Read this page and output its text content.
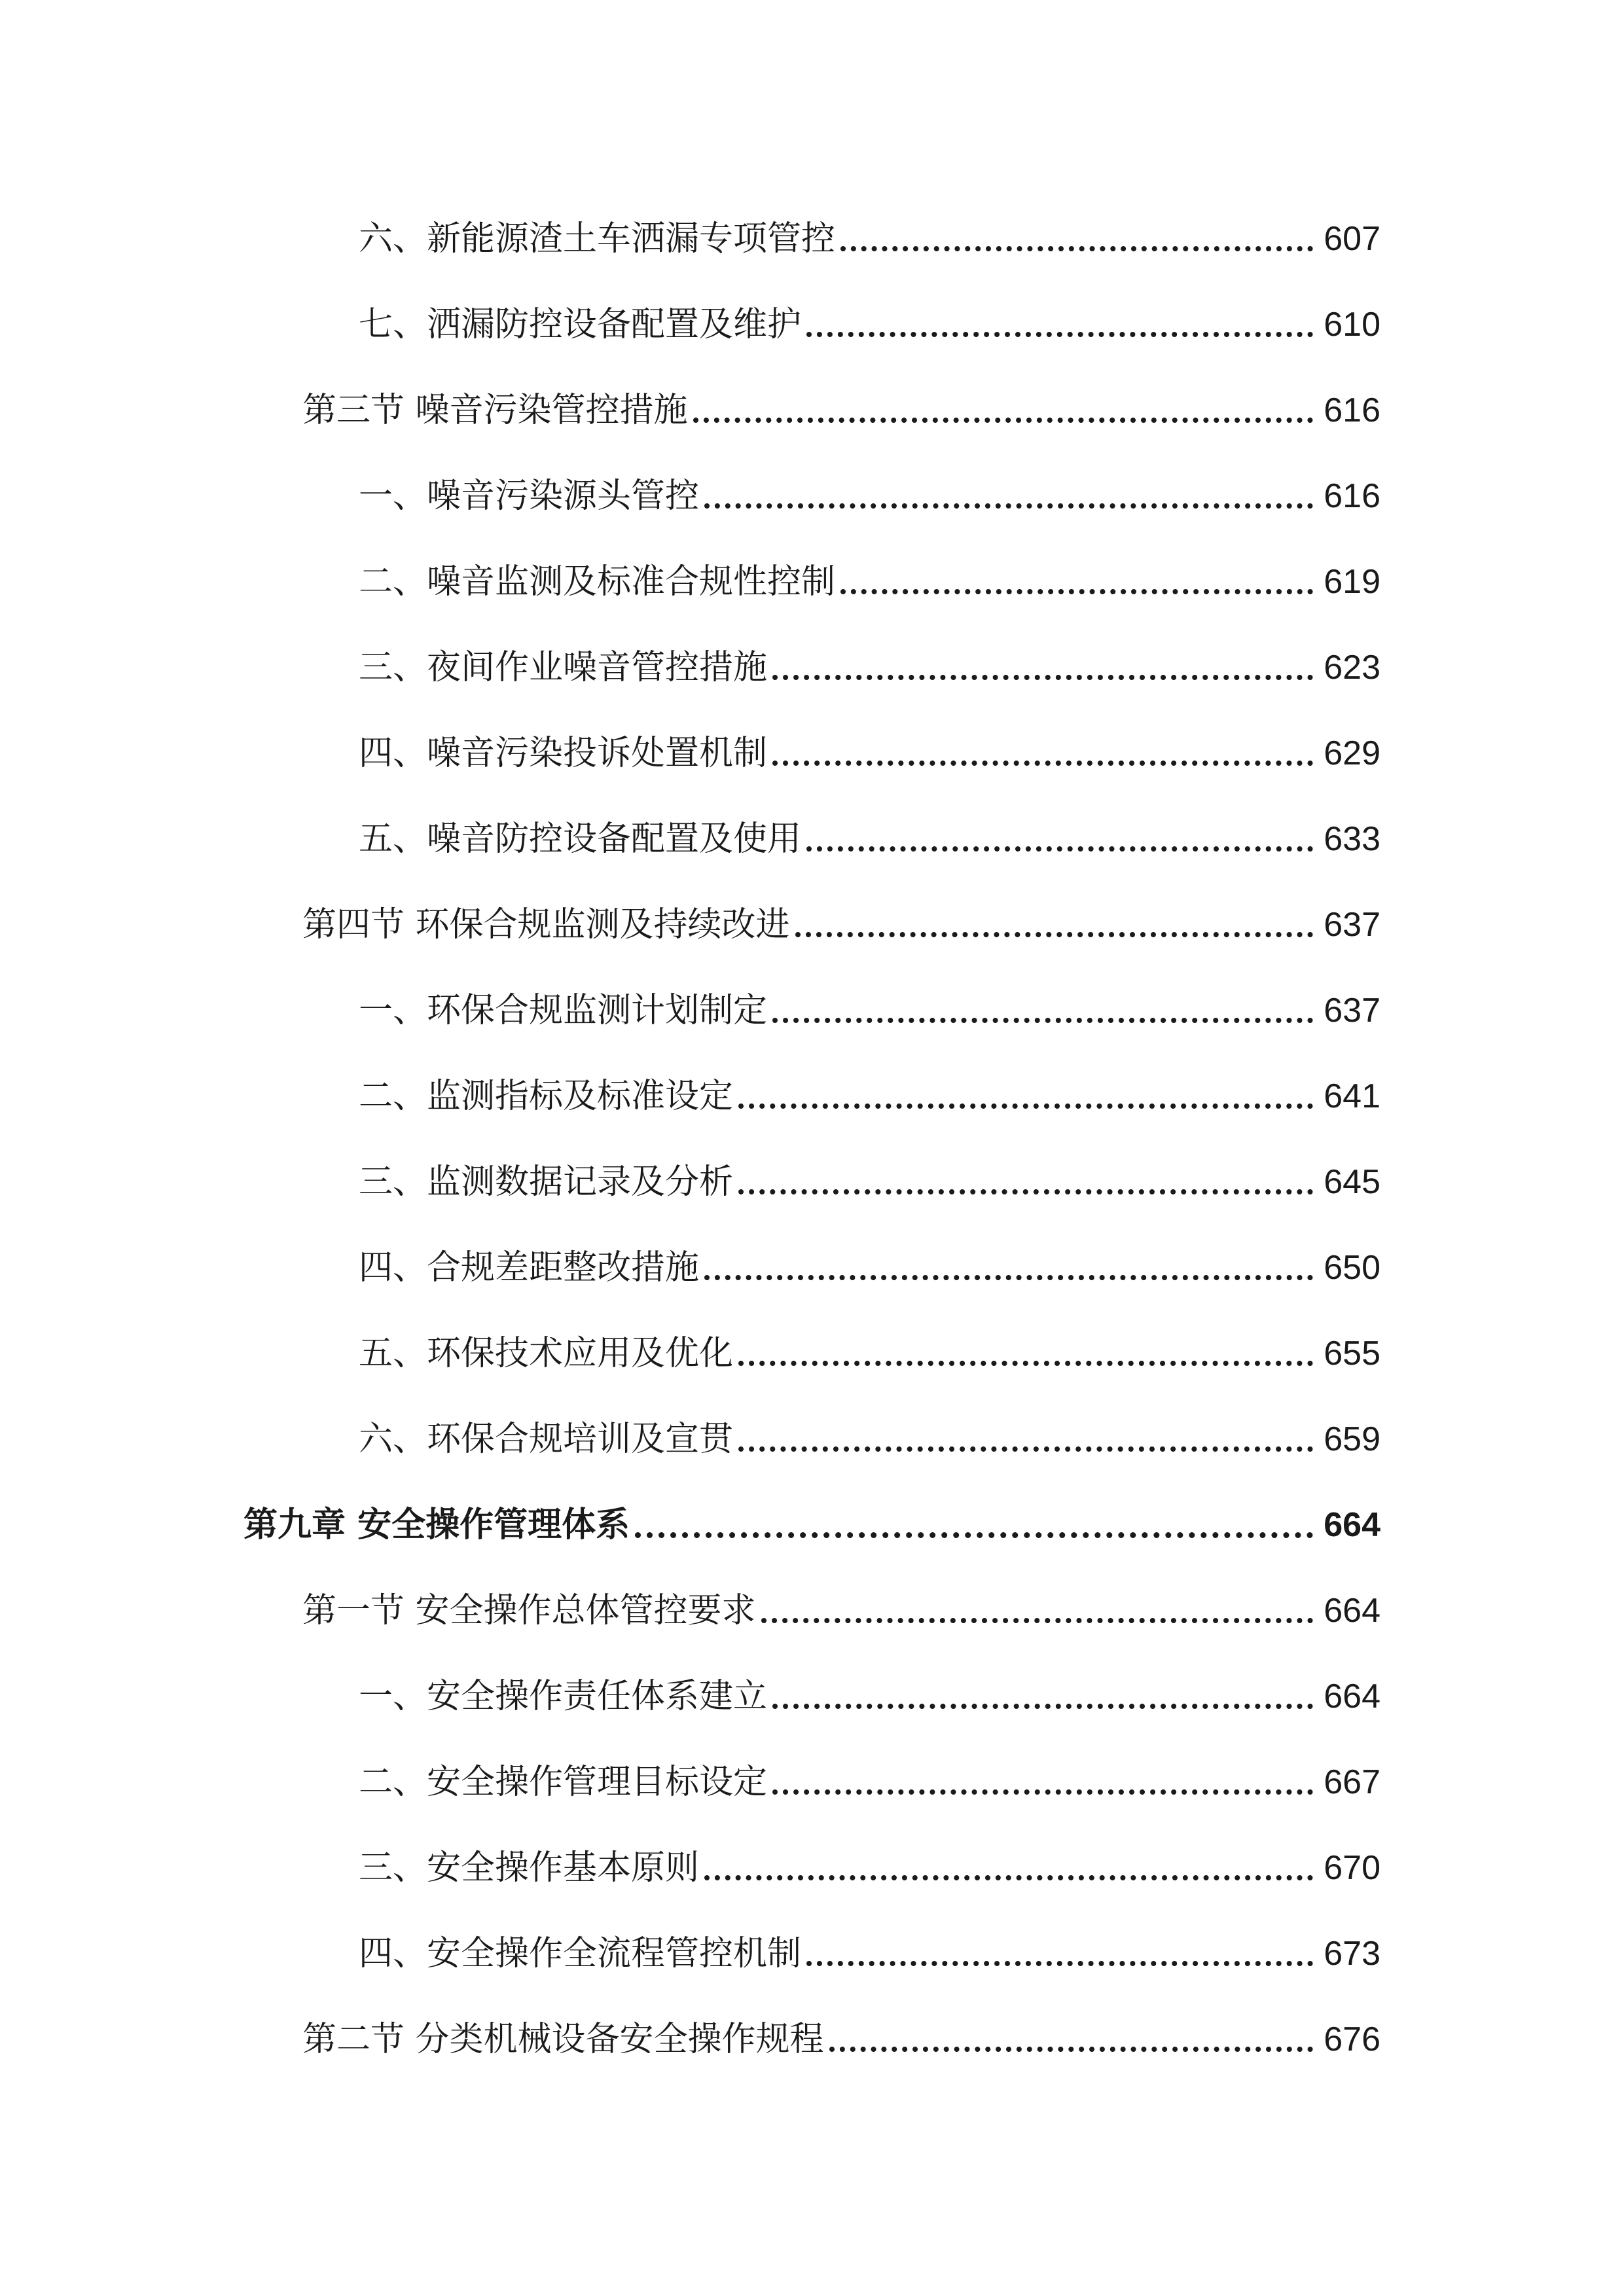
六、新能源渣土车洒漏专项管控	607
七、洒漏防控设备配置及维护	610
第三节 噪音污染管控措施	616
一、噪音污染源头管控	616
二、噪音监测及标准合规性控制	619
三、夜间作业噪音管控措施	623
四、噪音污染投诉处置机制	629
五、噪音防控设备配置及使用	633
第四节 环保合规监测及持续改进	637
一、环保合规监测计划制定	637
二、监测指标及标准设定	641
三、监测数据记录及分析	645
四、合规差距整改措施	650
五、环保技术应用及优化	655
六、环保合规培训及宣贯	659
第九章 安全操作管理体系	664
第一节 安全操作总体管控要求	664
一、安全操作责任体系建立	664
二、安全操作管理目标设定	667
三、安全操作基本原则	670
四、安全操作全流程管控机制	673
第二节 分类机械设备安全操作规程	676
